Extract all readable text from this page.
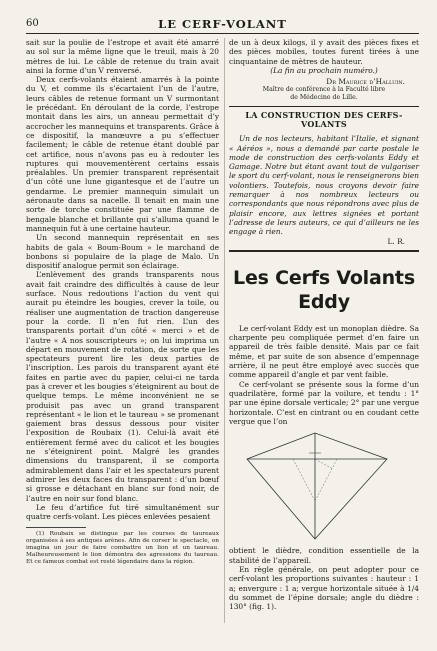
60	LE CERF-VOLANT

sait sur la poulie de l’estrope et avait été amarré au sol sur la même ligne que le treuil, mais à 20 mètres de lui. Le câble de retenue du train avait ainsi la forme d’un V renversé.

Deux cerfs-volants étaient amarrés à la pointe du V, et comme ils s’écartaient l’un de l’autre, leurs câbles de retenue formant un V surmontant le précédant. En déroulant de la corde, l’estrope montait dans les airs, un anneau permettait d’y accrocher les mannequins et transparents. Grâce à ce dispositif, la manœuvre a pu s’effectuer facilement; le câble de retenue étant doublé par cet artifice, nous n’avons pas eu à redouter les ruptures qui mouvementèrent certains essais préalables. Un premier transparent représentait d’un côté une lune gigantesque et de l’autre un gendarme. Le premier mannequin simulait un aéronaute dans sa nacelle. Il tenait en main une sorte de torche constituée par une flamme de bengale blanche et brillante qui s’alluma quand le mannequin fut à une certaine hauteur.

Un second mannequin représentait en ses habits de gala « Boum-Boum » le marchand de bonbons si populaire de la plage de Malo. Un dispositif analogue permit son éclairage.

L’enlèvement des grands transparents nous avait fait craindre des difficultés à cause de leur surface. Nous redoutions l’action du vent qui aurait pu éteindre les bougies, crever la toile, ou réaliser une augmentation de traction dangereuse pour la corde. Il n’en fut rien. L’un des transparents portait d’un côté « merci » et de l’autre « A nos souscripteurs »; on lui imprima un départ en mouvement de rotation, de sorte que les spectateurs purent lire les deux parties de l’inscription. Les parois du transparent ayant été faites en partie avec du papier, celui-ci ne tarda pas à crever et les bougies s’éteignirent au bout de quelque temps. Le même inconvénient ne se produisit pas avec un grand transparent représentant « le lion et le taureau » se promenant gaiement bras dessus dessous pour visiter l’exposition de Roubaix (1). Celui-là avait été entièrement fermé avec du calicot et les bougies ne s’éteignirent point. Malgré les grandes dimensions du transparent, il se comporta admirablement dans l’air et les spectateurs purent admirer les deux faces du transparent : d’un bœuf si grosse e détachant en blanc sur fond noir, de l’autre en noir sur fond blanc.

Le feu d’artifice fut tiré simultanément sur quatre cerfs-volant. Les pièces enlevées pesaient

(1) Roubaix se distingue par les courses de taureaux organisées à ses antiques arènes. Afin de corser le spectacle, on imagina un jour de faire combattre un lion et un taureau. Malheureusement le lion démontra des agressions du taureau. Et ce fameux combat est resté légendaire dans la région.

de un à deux kilogs, il y avait des pièces fixes et des pièces mobiles, toutes furent tirées à une cinquantaine de mètres de hauteur.

(La fin au prochain numéro.)

Dr Maurice d’Halluin.

Maître de conférence à la Faculté libre

de Médecine de Lille.

LA CONSTRUCTION DES CERFS-VOLANTS

Un de nos lecteurs, habitant l’Italie, et signant « Aéréos », nous a demandé par carte postale le mode de construction des cerfs-volants Eddy et Gamage. Notre but étant avant tout de vulgariser le sport du cerf-volant, nous le renseignerons bien volontiers. Toutefois, nous croyons devoir faire remarquer à nos nombreux lecteurs ou correspondants que nous répondrons avec plus de plaisir encore, aux lettres signées et portant l’adresse de leurs auteurs, ce qui d’ailleurs ne les engage à rien.

L. R.

Les Cerfs Volants Eddy

Le cerf-volant Eddy est un monoplan dièdre. Sa charpente peu compliquée permet d’en faire un appareil de très faible densité. Mais par ce fait même, et par suite de son absence d’empennage arrière, il ne peut être employé avec succès que comme appareil d’angle et par vent faible.

Ce cerf-volant se présente sous la forme d’un quadrilatère, formé par la voilure, et tendu : 1° par une épine dorsale verticale; 2° par une vergue horizontale. C’est en cintrant ou en coudant cette vergue que l’on

obtient le dièdre, condition essentielle de la stabilité de l’appareil.

En règle générale, on peut adopter pour ce cerf-volant les proportions suivantes : hauteur : 1 a; envergure : 1 a; vergue horizontale située à 1/4 du sommet de l’épine dorsale; angle du dièdre : 130° (fig. 1).
